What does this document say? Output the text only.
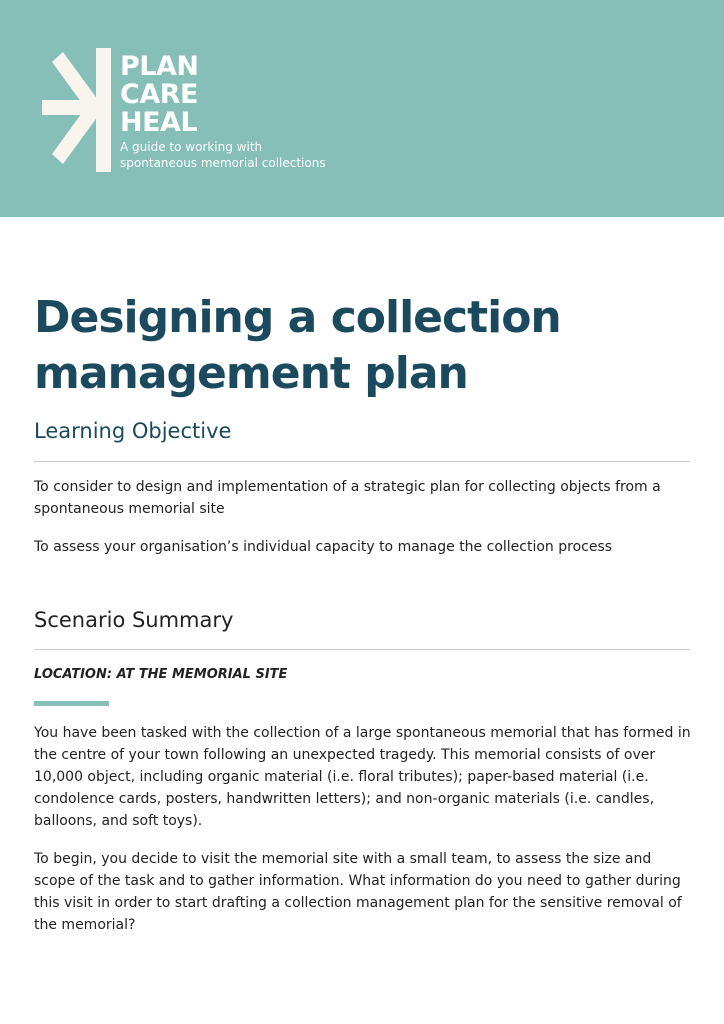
PLAN
CARE
HEAL
A guide to working with
spontaneous memorial collections
Designing a collection
management plan
Learning Objective

To consider to design and implementation of a strategic plan for collecting objects from a spontaneous memorial site

To assess your organisation’s individual capacity to manage the collection process

Scenario Summary
LOCATION: AT THE MEMORIAL SITE

You have been tasked with the collection of a large spontaneous memorial that has formed in the centre of your town following an unexpected tragedy. This memorial consists of over 10,000 object, including organic material (i.e. floral tributes); paper-based material (i.e. condolence cards, posters, handwritten letters); and non-organic materials (i.e. candles, balloons, and soft toys).

To begin, you decide to visit the memorial site with a small team, to assess the size and scope of the task and to gather information. What information do you need to gather during this visit in order to start drafting a collection management plan for the sensitive removal of the memorial?
